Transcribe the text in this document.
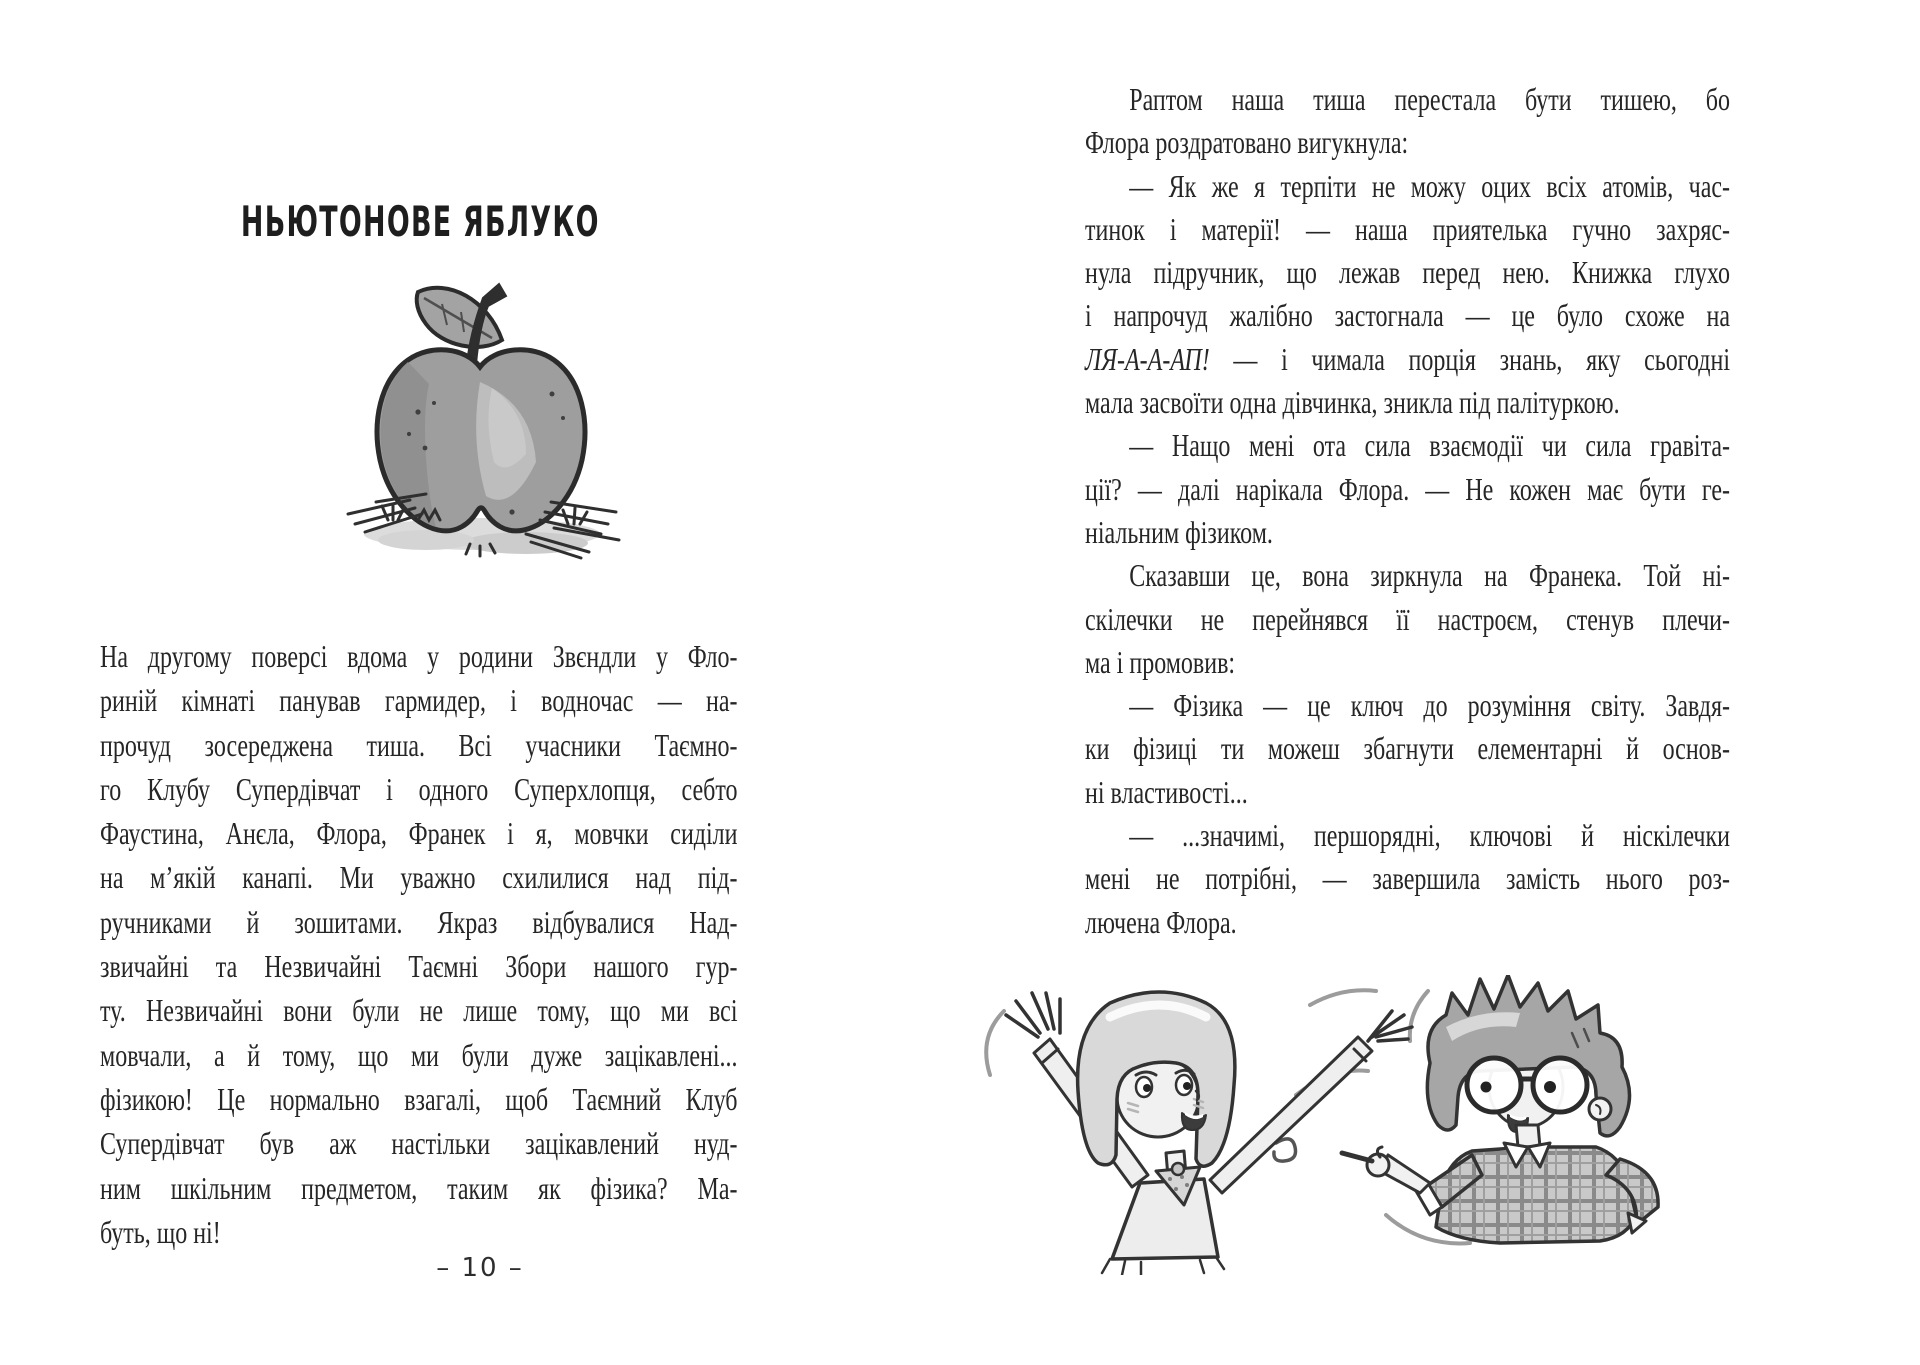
НЬЮТОНОВЕ ЯБЛУКО
На другому поверсі вдома у родини Звєндли у Фло-
риній кімнаті панував гармидер, і водночас — на-
прочуд зосереджена тиша. Всі учасники Таємно-
го Клубу Супердівчат і одного Суперхлопця, себто
Фаустина, Анєла, Флора, Франек і я, мовчки сиділи
на м’якій канапі. Ми уважно схилилися над під-
ручниками й зошитами. Якраз відбувалися Над-
звичайні та Незвичайні Таємні Збори нашого гур-
ту. Незвичайні вони були не лише тому, що ми всі
мовчали, а й тому, що ми були дуже зацікавлені...
фізикою! Це нормально взагалі, щоб Таємний Клуб
Супердівчат був аж настільки зацікавлений нуд-
ним шкільним предметом, таким як фізика? Ма-
буть, що ні!
– 10 –
Раптом наша тиша перестала бути тишею, бо
Флора роздратовано вигукнула:
— Як же я терпіти не можу оцих всіх атомів, час-
тинок і матерії! — наша приятелька гучно захряс-
нула підручник, що лежав перед нею. Книжка глухо
і напрочуд жалібно застогнала — це було схоже на
ЛЯ-А-А-АП! — і чимала порція знань, яку сьогодні
мала засвоїти одна дівчинка, зникла під палітуркою.
— Нащо мені ота сила взаємодії чи сила гравіта-
ції? — далі нарікала Флора. — Не кожен має бути ге-
ніальним фізиком.
Сказавши це, вона зиркнула на Франека. Той ні-
скілечки не перейнявся її настроєм, стенув плечи-
ма і промовив:
— Фізика — це ключ до розуміння світу. Завдя-
ки фізиці ти можеш збагнути елементарні й основ-
ні властивості...
— ...значимі, першорядні, ключові й ніскілечки
мені не потрібні, — завершила замість нього роз-
лючена Флора.
